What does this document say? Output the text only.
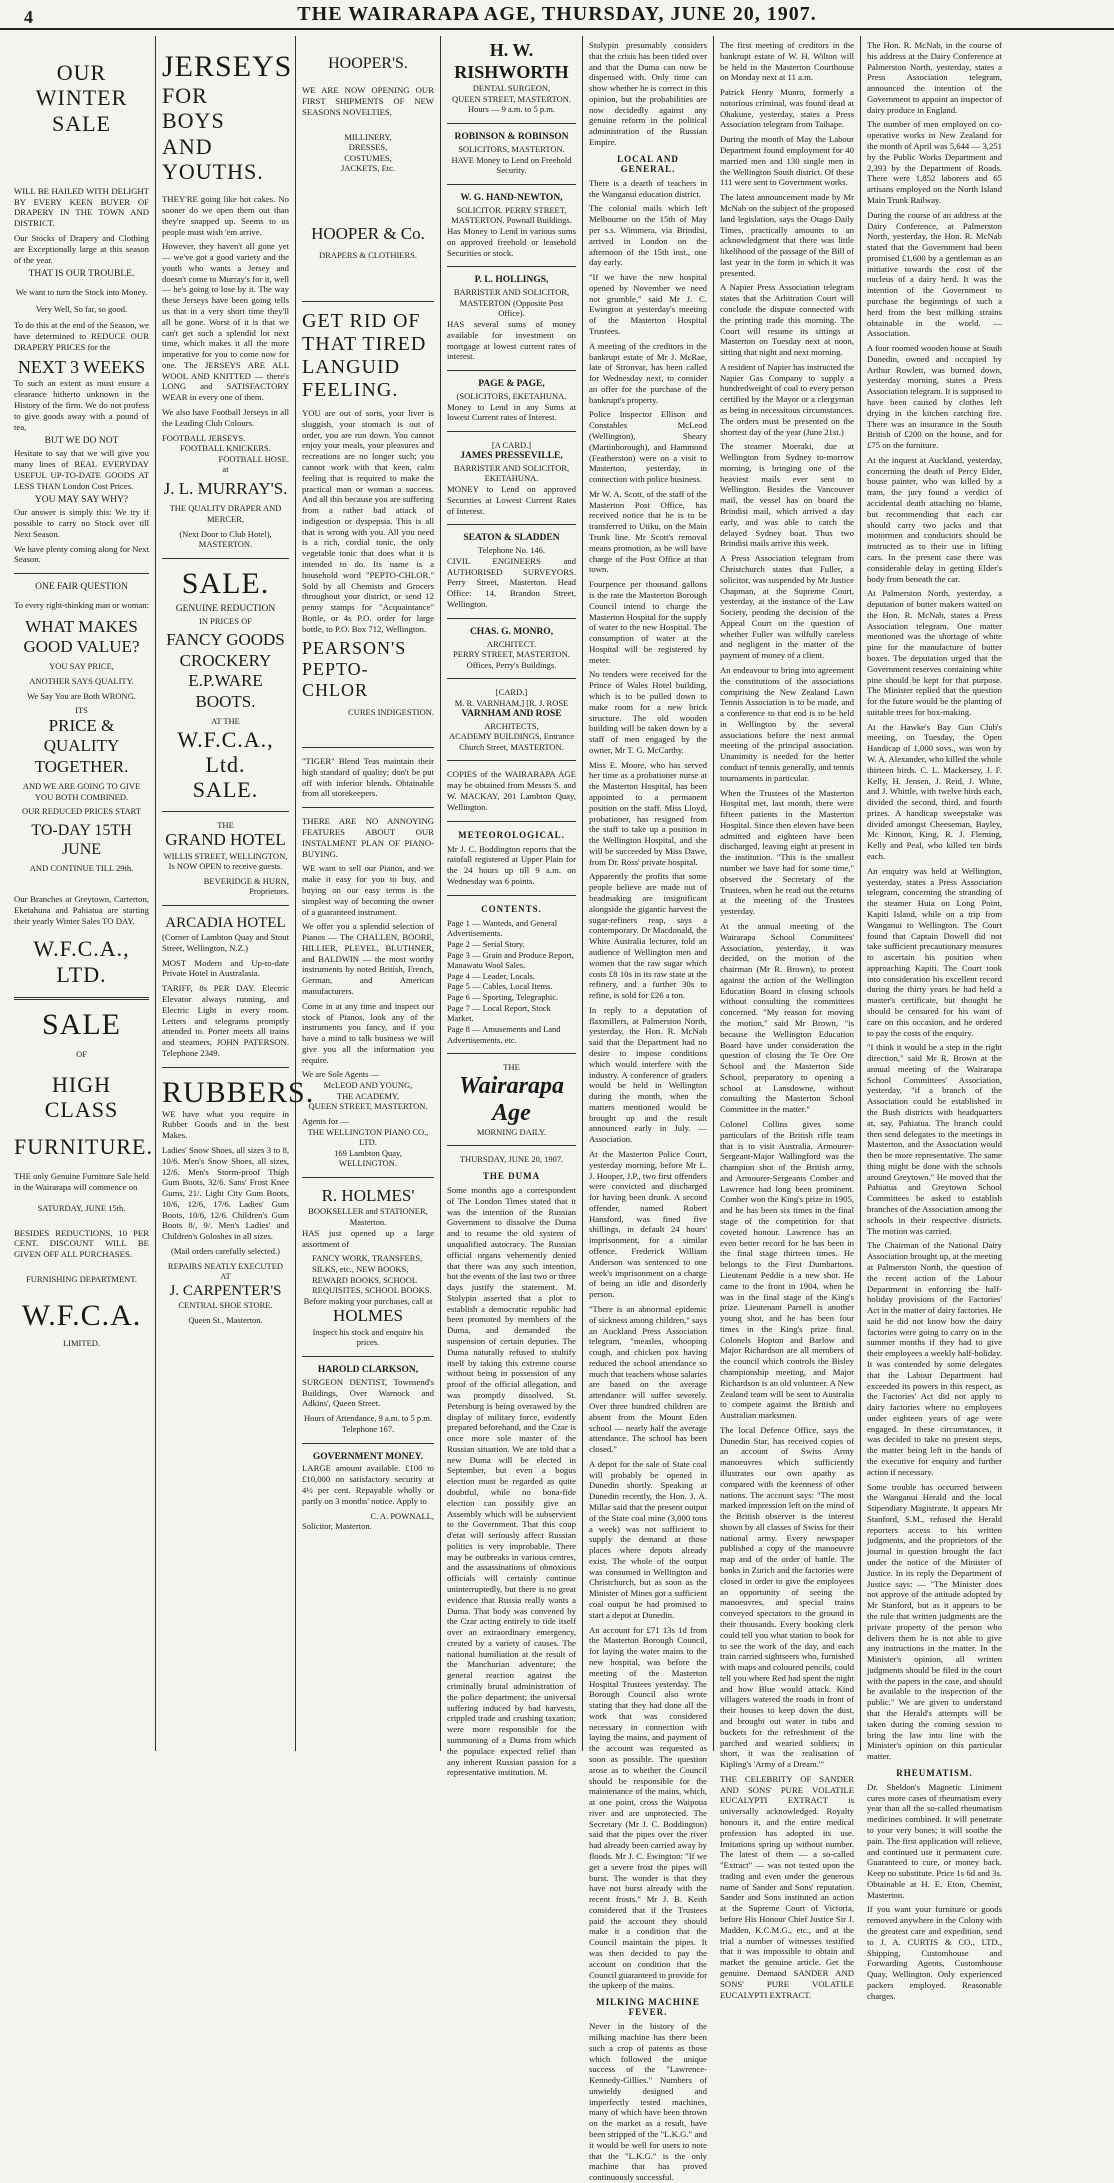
4	THE WAIRARAPA AGE, THURSDAY, JUNE 20, 1907.
OUR WINTER
SALE

WILL BE HAILED WITH DELIGHT BY EVERY KEEN BUYER OF DRAPERY IN THE TOWN AND DISTRICT.

Our Stocks of Drapery and Clothing are Exceptionally large at this season of the year.

THAT IS OUR TROUBLE.
We want to turn the Stock into Money.
Very Well, So far, so good.

To do this at the end of the Season, we have determined to REDUCE OUR DRAPERY PRICES for the

NEXT 3 WEEKS

To such an extent as must ensure a clearance hitherto unknown in the History of the firm. We do not profess to give goods away with a pound of tea,

BUT WE DO NOT

Hesitate to say that we will give you many lines of REAL EVERYDAY USEFUL UP-TO-DATE GOODS AT LESS THAN London Cost Prices.

YOU MAY SAY WHY?

Our answer is simply this: We try if possible to carry no Stock over till Next Season.

We have plenty coming along for Next Season.

ONE FAIR QUESTION
To every right-thinking man or woman:
WHAT MAKES GOOD VALUE?
YOU SAY PRICE,
ANOTHER SAYS QUALITY.
We Say You are Both WRONG.
ITS
PRICE & QUALITY TOGETHER.
AND WE ARE GOING TO GIVE YOU BOTH COMBINED.
OUR REDUCED PRICES START
TO-DAY 15TH JUNE
AND CONTINUE TILL 29th.

Our Branches at Greytown, Carterton, Eketahuna and Pahiatua are starting their yearly Winter Sales TO DAY.

W.F.C.A., LTD.
SALE
OF
HIGH CLASS
FURNITURE.

THE only Genuine Furniture Sale held in the Wairarapa will commence on

SATURDAY, JUNE 15th.

BESIDES REDUCTIONS, 10 PER CENT. DISCOUNT WILL BE GIVEN OFF ALL PURCHASES.

FURNISHING DEPARTMENT.
W.F.C.A.
LIMITED.
JERSEYS
FOR
BOYS
AND
YOUTHS.

THEY'RE going like hot cakes. No sooner do we open them out than they're snapped up. Seems to us people must wish 'em arrive.

However, they haven't all gone yet — we've got a good variety and the youth who wants a Jersey and doesn't come to Murray's for it, well — he's going to lose by it. The way these Jerseys have been going tells us that in a very short time they'll all be gone. Worst of it is that we can't get such a splendid lot next time, which makes it all the more imperative for you to come now for one. The JERSEYS ARE ALL WOOL AND KNITTED — there's LONG and SATISFACTORY WEAR in every one of them.

We also have Football Jerseys in all the Leading Club Colours.

FOOTBALL JERSEYS.
FOOTBALL KNICKERS.
FOOTBALL HOSE.
at
J. L. MURRAY'S.
THE QUALITY DRAPER AND MERCER,
(Next Door to Club Hotel), MASTERTON.
SALE.
GENUINE REDUCTION
IN PRICES OF
FANCY GOODS CROCKERY E.P.WARE BOOTS.
AT THE
W.F.C.A., Ltd.
SALE.
THE
GRAND HOTEL
WILLIS STREET, WELLINGTON,
Is NOW OPEN to receive guests.
BEVERIDGE & HURN, Proprietors.
ARCADIA HOTEL

(Corner of Lambton Quay and Stout Street, Wellington, N.Z.)

MOST Modern and Up-to-date Private Hotel in Australasia.

TARIFF, 8s PER DAY. Electric Elevator always running, and Electric Light in every room. Letters and telegrams promptly attended to. Porter meets all trains and steamers, JOHN PATERSON. Telephone 2349.

RUBBERS.

WE have what you require in Rubber Goods and in the best Makes.

Ladies' Snow Shoes, all sizes 3 to 8, 10/6. Men's Snow Shoes, all sizes, 12/6. Men's Storm-proof Thigh Gum Boots, 32/6. Sans' Frost Knee Gums, 21/. Light City Gum Boots, 10/6, 12/6, 17/6. Ladies' Gum Boots, 10/6, 12/6. Children's Gum Boots 8/, 9/. Men's Ladies' and Children's Goloshes in all sizes.

(Mail orders carefully selected.)
REPAIRS NEATLY EXECUTED AT
J. CARPENTER'S
CENTRAL SHOE STORE.
Queen St., Masterton.
HOOPER'S.

WE ARE NOW OPENING OUR FIRST SHIPMENTS OF NEW SEASONS NOVELTIES,

MILLINERY,
DRESSES,
COSTUMES,
JACKETS, Etc.
HOOPER & Co.
DRAPERS & CLOTHIERS.
GET RID OF THAT TIRED LANGUID FEELING.

YOU are out of sorts, your liver is sluggish, your stomach is out of order, you are run down. You cannot enjoy your meals, your pleasures and recreations are no longer such; you cannot work with that keen, calm feeling that is required to make the practical man or woman a success. And all this because you are suffering from a rather bad attack of indigestion or dyspepsia. This is all that is wrong with you. All you need is a rich, cordial tonic, the only vegetable tonic that does what it is intended to do. Its name is a household word "PEPTO-CHLOR." Sold by all Chemists and Grocers throughout your district, or send 12 penny stamps for "Acquaintance" Bottle, or 4s P.O. order for large bottle, to P.O. Box 712, Wellington.

PEARSON'S PEPTO-CHLOR
CURES INDIGESTION.

"TIGER" Blend Teas maintain their high standard of quality; don't be put off with inferior blends. Obtainable from all storekeepers.

THERE ARE NO ANNOYING FEATURES ABOUT OUR INSTALMENT PLAN OF PIANO-BUYING.

WE want to sell our Pianos, and we make it easy for you to buy, and buying on our easy terms is the simplest way of becoming the owner of a guaranteed instrument.

We offer you a splendid selection of Pianos — The CHALLEN, BOORE, HILLIER, PLEYEL, BLUTHNER, and BALDWIN — the most worthy instruments by noted British, French, German, and American manufacturers.

Come in at any time and inspect our stock of Pianos, look any of the instruments you fancy, and if you have a mind to talk business we will give you all the information you require.

We are Sole Agents —
McLEOD AND YOUNG,
THE ACADEMY,
QUEEN STREET, MASTERTON.
Agents for —
THE WELLINGTON PIANO CO., LTD.
169 Lambton Quay,
WELLINGTON.
R. HOLMES'
BOOKSELLER and STATIONER, Masterton.

HAS just opened up a large assortment of

FANCY WORK, TRANSFERS, SILKS, etc., NEW BOOKS, REWARD BOOKS, SCHOOL REQUISITES, SCHOOL BOOKS.
Before making your purchases, call at
HOLMES
Inspect his stock and enquire his prices.
HAROLD CLARKSON,

SURGEON DENTIST, Townsend's Buildings, Over Warnock and Adkins', Queen Street.

Hours of Attendance, 9 a.m. to 5 p.m. Telephone 167.
GOVERNMENT MONEY.

LARGE amount available. £100 to £10,000 on satisfactory security at 4½ per cent. Repayable wholly or partly on 3 months' notice. Apply to

C. A. POWNALL,
Solicitor, Masterton.
H. W. RISHWORTH
DENTAL SURGEON,
QUEEN STREET, MASTERTON.
Hours — 9 a.m. to 5 p.m.
ROBINSON & ROBINSON
SOLICITORS, MASTERTON.
HAVE Money to Lend on Freehold Security.
W. G. HAND-NEWTON,
SOLICITOR. PERRY STREET, MASTERTON. Pownall Buildings.

Has Money to Lend in various sums on approved freehold or leasehold Securities or stock.

P. L. HOLLINGS,
BARRISTER AND SOLICITOR, MASTERTON (Opposite Post Office).

HAS several sums of money available for investment on mortgage at lowest current rates of interest.

PAGE & PAGE,
(SOLICITORS, EKETAHUNA.

Money to Lend in any Sums at lowest Current rates of Interest.

[A CARD.]
JAMES PRESSEVILLE,
BARRISTER AND SOLICITOR, EKETAHUNA.

MONEY to Lend on approved Securities at Lowest Current Rates of Interest.

SEATON & SLADDEN
Telephone No. 146.

CIVIL ENGINEERS and AUTHORISED SURVEYORS. Perry Street, Masterton. Head Office: 14, Brandon Street, Wellington.

CHAS. G. MONRO,
ARCHITECT.
PERRY STREET, MASTERTON. Offices, Perry's Buildings.
[CARD.]
M. R. VARNHAM,] [R. J. ROSE
VARNHAM AND ROSE
ARCHITECTS,
ACADEMY BUILDINGS, Entrance Church Street, MASTERTON.

COPIES of the WAIRARAPA AGE may be obtained from Messrs S. and W. MACKAY, 201 Lambton Quay, Wellington.

METEOROLOGICAL.

Mr J. C. Boddington reports that the rainfall registered at Upper Plain for the 24 hours up till 9 a.m. on Wednesday was 6 points.

CONTENTS.
Page 1 — Wanteds, and General Advertisements.
Page 2 — Serial Story.
Page 3 — Grain and Produce Report, Manawatu Wool Sales.
Page 4 — Leader, Locals.
Page 5 — Cables, Local Items.
Page 6 — Sporting, Telegraphic.
Page 7 — Local Report, Stock Market.
Page 8 — Amusements and Land Advertisements, etc.
THE
Wairarapa Age
MORNING DAILY.
THURSDAY, JUNE 20, 1907.
THE DUMA

Some months ago a correspondent of The London Times stated that it was the intention of the Russian Government to dissolve the Duma and to resume the old system of unqualified autocracy. The Russian official organs vehemently denied that there was any such intention, but the events of the last two or three days justify the statement. M. Stolypin asserted that a plot to establish a democratic republic had been promoted by members of the Duma, and demanded the suspension of certain deputies. The Duma naturally refused to stultify itself by taking this extreme course without being in possession of any proof of the official allegation, and was promptly dissolved. St. Petersburg is being overawed by the display of military force, evidently prepared beforehand, and the Czar is once more sole master of the Russian situation. We are told that a new Duma will be elected in September, but even a bogus election must be regarded as quite doubtful, while no bona-fide election can possibly give an Assembly which will be subservient to the Government. That this coup d'etat will seriously affect Russian politics is very improbable. There may be outbreaks in various centres, and the assassinations of obnoxious officials will certainly continue uninterruptedly, but there is no great evidence that Russia really wants a Duma. That body was convened by the Czar acting entirely to tide itself over an extraordinary emergency, created by a variety of causes. The national humiliation at the result of the Manchurian adventure; the general reaction against the criminally brutal administration of the police department; the universal suffering induced by bad harvests, crippled trade and crushing taxation; were more responsible for the summoning of a Duma from which the populace expected relief than any inherent Russian passion for a representative institution. M.

Stolypin presumably considers that the crisis has been tided over and that the Duma can now be dispensed with. Only time can show whether he is correct in this opinion, but the probabilities are now decidedly against any genuine reform in the political administration of the Russian Empire.

LOCAL AND GENERAL.

There is a dearth of teachers in the Wanganui education district.

The colonial mails which left Melbourne on the 15th of May per s.s. Wimmera, via Brindisi, arrived in London on the afternoon of the 15th inst., one day early.

"If we have the new hospital opened by November we need not grumble," said Mr J. C. Ewington at yesterday's meeting of the Masterton Hospital Trustees.

A meeting of the creditors in the bankrupt estate of Mr J. McRae, late of Stronvar, has been called for Wednesday next, to consider an offer for the purchase of the bankrupt's property.

Police Inspector Ellison and Constables McLeod (Wellington), Sheary (Martinborough), and Hammond (Featherston) were on a visit to Masterton, yesterday, in connection with police business.

Mr W. A. Scott, of the staff of the Masterton Post Office, has received notice that he is to be transferred to Utiku, on the Main Trunk line. Mr Scott's removal means promotion, as he will have charge of the Post Office at that town.

Fourpence per thousand gallons is the rate the Masterton Borough Council intend to charge the Masterton Hospital for the supply of water to the new Hospital. The consumption of water at the Hospital will be registered by meter.

No tenders were received for the Prince of Wales Hotel building, which is to be pulled down to make room for a new brick structure. The old wooden building will be taken down by a staff of men engaged by the owner, Mr T. G. McCarthy.

Miss E. Moore, who has served her time as a probationer nurse at the Masterton Hospital, has been appointed to a permanent position on the staff. Miss Lloyd, probationer, has resigned from the staff to take up a position in the Wellington Hospital, and she will be succeeded by Miss Dawe, from Dr. Ross' private hospital.

Apparently the profits that some people believe are made out of beadmaking are insignificant alongside the gigantic harvest the sugar-refiners reap, says a contemporary. Dr Macdonald, the White Australia lecturer, told an audience of Wellington men and women that the raw sugar which costs £8 10s in its raw state at the refinery, and a further 30s to refine, is sold for £26 a ton.

In reply to a deputation of flaxmillers, at Palmerston North, yesterday, the Hon. R. McNab said that the Department had no desire to impose conditions which would interfere with the industry. A conference of graders would be held in Wellington during the month, when the matters mentioned would be brought up and the result announced early in July. — Association.

At the Masterton Police Court, yesterday morning, before Mr L. J. Hooper, J.P., two first offenders were convicted and discharged for having been drunk. A second offender, named Robert Hansford, was fined five shillings, in default 24 hours' imprisonment, for a similar offence. Frederick William Anderson was sentenced to one week's imprisonment on a charge of being an idle and disorderly person.

"There is an abnormal epidemic of sickness among children," says an Auckland Press Association telegram, "measles, whooping cough, and chicken pox having reduced the school attendance so much that teachers whose salaries are based on the average attendance will suffer severely. Over three hundred children are absent from the Mount Eden school — nearly half the average attendance. The school has been closed."

A depot for the sale of State coal will probably be opened in Dunedin shortly. Speaking at Dunedin recently, the Hon. J. A. Millar said that the present output of the State coal mine (3,000 tons a week) was not sufficient to supply the demand at those places where depots already exist. The whole of the output was consumed in Wellington and Christchurch, but as soon as the Minister of Mines got a sufficient coal output he had promised to start a depot at Dunedin.

An account for £71 13s 1d from the Masterton Borough Council, for laying the water mains to the new hospital, was before the meeting of the Masterton Hospital Trustees yesterday. The Borough Council also wrote stating that they had done all the work that was considered necessary in connection with laying the mains, and payment of the account was requested as soon as possible. The question arose as to whether the Council should be responsible for the maintenance of the mains, which, at one point, cross the Waipoua river and are unprotected. The Secretary (Mr J. C. Boddington) said that the pipes over the river had already been carried away by floods. Mr J. C. Ewington: "If we get a severe frost the pipes will burst. The wonder is that they have not burst already with the recent frosts." Mr J. B. Keith considered that if the Trustees paid the account they should make it a condition that the Council maintain the pipes. It was then decided to pay the account on condition that the Council guaranteed to provide for the upkeep of the mains.

MILKING MACHINE FEVER.

Never in the history of the milking machine has there been such a crop of patents as those which followed the unique success of the "Lawrence-Kennedy-Gillies." Numbers of unwieldy designed and imperfectly tested machines, many of which have been thrown on the market as a result, have been stripped of the "L.K.G." and it would be well for users to note that the "L.K.G." is the only machine that has proved continuously successful.

The first meeting of creditors in the bankrupt estate of W. H. Wilton will be held in the Masterton Courthouse on Monday next at 11 a.m.

Patrick Henry Munro, formerly a notorious criminal, was found dead at Ohakune, yesterday, states a Press Association telegram from Taihape.

During the month of May the Labour Department found employment for 40 married men and 130 single men in the Wellington South district. Of these 111 were sent to Government works.

The latest announcement made by Mr McNab on the subject of the proposed land legislation, says the Otago Daily Times, practically amounts to an acknowledgment that there was little likelihood of the passage of the Bill of last year in the form in which it was presented.

A Napier Press Association telegram states that the Arbitration Court will conclude the dispute connected with the printing trade this morning. The Court will resume its sittings at Masterton on Tuesday next at noon, sitting that night and next morning.

A resident of Napier has instructed the Napier Gas Company to supply a hundredweight of coal to every person certified by the Mayor or a clergyman as being in necessitous circumstances. The orders must be presented on the shortest day of the year (June 21st.)

The steamer Moeraki, due at Wellington from Sydney to-morrow morning, is bringing one of the heaviest mails ever sent to Wellington. Besides the Vancouver mail, the vessel has on board the Brindisi mail, which arrived a day early, and was able to catch the delayed Sydney boat. Thus two Brindisi mails arrive this week.

A Press Association telegram from Christchurch states that Fuller, a solicitor, was suspended by Mr Justice Chapman, at the Supreme Court, yesterday, at the instance of the Law Society, pending the decision of the Appeal Court on the question of whether Fuller was wilfully careless and negligent in the matter of the payment of money of a client.

An endeavour to bring into agreement the constitutions of the associations comprising the New Zealand Lawn Tennis Association is to be made, and a conference to that end is to be held in Wellington by the several associations before the next annual meeting of the principal association. Unanimity is needed for the better conduct of tennis generally, and tennis tournaments in particular.

When the Trustees of the Masterton Hospital met, last month, there were fifteen patients in the Masterton Hospital. Since then eleven have been admitted and eighteen have been discharged, leaving eight at present in the institution. "This is the smallest number we have had for some time," observed the Secretary of the Trustees, when he read out the returns at the meeting of the Trustees yesterday.

At the annual meeting of the Wairarapa School Committees' Association, yesterday, it was decided, on the motion of the chairman (Mr R. Brown), to protest against the action of the Wellington Education Board in closing schools without consulting the committees concerned. "My reason for moving the motion," said Mr Brown, "is because the Wellington Education Board have under consideration the question of closing the Te Ore Ore School and the Masterton Side School, preparatory to opening a school at Lansdowne, without consulting the Masterton School Committee in the matter."

Colonel Collins gives some particulars of the British rifle team that is to visit Australia. Armourer-Sergeant-Major Wallingford was the champion shot of the British army, and Armourer-Sergeants Comber and Lawrence had long been prominent. Comber won the King's prize in 1905, and he has been six times in the final stage of the competition for that coveted honour. Lawrence has an even better record for he has been in the final stage thirteen times. He belongs to the First Dumbartons. Lieutenant Peddie is a new shot. He came to the front in 1904, when he was in the final stage of the King's prize. Lieutenant Parnell is another young shot, and he has been four times in the King's prize final. Colonels Hopton and Barlow and Major Richardson are all members of the council which controls the Bisley championship meeting, and Major Richardson is an old volunteer. A New Zealand team will be sent to Australia to compete against the British and Australian marksmen.

The local Defence Office, says the Dunedin Star, has received copies of an account of Swiss Army manoeuvres which sufficiently illustrates our own apathy as compared with the keenness of other nations. The account says: "The most marked impression left on the mind of the British observer is the interest shown by all classes of Swiss for their national army. Every newspaper published a copy of the manoeuvre map and of the order of battle. The banks in Zurich and the factories were closed in order to give the employees an opportunity of seeing the manoeuvres, and special trains conveyed spectators to the ground in their thousands. Every booking clerk could tell you what station to book for to see the work of the day, and each train carried sightseers who, furnished with maps and coloured pencils, could tell you where Red had spent the night and how Blue would attack. Kind villagers watered the roads in front of their houses to keep down the dust, and brought out water in tubs and buckets for the refreshment of the parched and wearied soldiers; in short, it was the realisation of Kipling's 'Army of a Dream.'"

THE CELEBRITY OF SANDER AND SONS' PURE VOLATILE EUCALYPTI EXTRACT is universally acknowledged. Royalty honours it, and the entire medical profession has adopted its use. Imitations spring up without number. The latest of them — a so-called "Extract" — was not tested upon the trading and even under the generous name of Sander and Sons' reputation. Sander and Sons instituted an action at the Supreme Court of Victoria, before His Honour Chief Justice Sir J. Madden, K.C.M.G., etc., and at the trial a number of witnesses testified that it was impossible to obtain and market the genuine article. Get the genuine. Demand SANDER AND SONS' PURE VOLATILE EUCALYPTI EXTRACT.

The Hon. R. McNab, in the course of his address at the Dairy Conference at Palmerston North, yesterday, states a Press Association telegram, announced the intention of the Government to appoint an inspector of dairy produce in England.

The number of men employed on co-operative works in New Zealand for the month of April was 5,644 — 3,251 by the Public Works Department and 2,393 by the Department of Roads. There were 1,852 laborers and 65 artisans employed on the North Island Main Trunk Railway.

During the course of an address at the Dairy Conference, at Palmerston North, yesterday, the Hon. R. McNab stated that the Government had been promised £1,600 by a gentleman as an initiative towards the cost of the nucleus of a dairy herd. It was the intention of the Government to purchase the beginnings of such a herd from the best milking strains obtainable in the world. — Association.

A four roomed wooden house at South Dunedin, owned and occupied by Arthur Rowlett, was burned down, yesterday morning, states a Press Association telegram. It is supposed to have been caused by clothes left drying in the kitchen catching fire. There was an insurance in the South British of £200 on the house, and for £75 on the furniture.

At the inquest at Auckland, yesterday, concerning the death of Percy Elder, house painter, who was killed by a tram, the jury found a verdict of accidental death attaching no blame, but recommending that each car should carry two jacks and that motormen and conductors should be instructed as to their use in lifting cars. In the present case there was considerable delay in getting Elder's body from beneath the car.

At Palmerston North, yesterday, a deputation of butter makers waited on the Hon. R. McNab, states a Press Association telegram. One matter mentioned was the shortage of white pine for the manufacture of butter boxes. The deputation urged that the Government reserves containing white pine should be kept for that purpose. The Minister replied that the question for the future would be the planting of suitable trees for box-making.

At the Hawke's Bay Gun Club's meeting, on Tuesday, the Open Handicap of 1,000 sovs., was won by W. A. Alexander, who killed the whole thirteen birds. C. L. Mackersey, J. F. Kelly, H. Jensen, J. Reid, J. White, and J. Whittle, with twelve birds each, divided the second, third, and fourth prizes. A handicap sweepstake was divided amongst Cheeseman, Bayley, Mc Kinnon, King, R. J. Fleming, Kelly and Peal, who killed ten birds each.

An enquiry was held at Wellington, yesterday, states a Press Association telegram, concerning the stranding of the steamer Huia on Long Point, Kapiti Island, while on a trip from Wanganui to Wellington. The Court found that Captain Dowell did not take sufficient precautionary measures to ascertain his position when approaching Kapiti. The Court took into consideration his excellent record during the thirty years he had held a master's certificate, but thought he should be censured for his want of care on this occasion, and he ordered to pay the costs of the enquiry.

"I think it would be a step in the right direction," said Mr R. Brown at the annual meeting of the Wairarapa School Committees' Association, yesterday, "if a branch of the Association could be established in the Bush districts with headquarters at, say, Pahiatua. The branch could then send delegates to the meetings in Masterton, and the Association would then be more representative. The same thing might be done with the schools around Greytown." He moved that the Pahiatua and Greytown School Committees be asked to establish branches of the Association among the schools in their respective districts. The motion was carried.

The Chairman of the National Dairy Association brought up, at the meeting at Palmerston North, the question of the recent action of the Labour Department in enforcing the half-holiday provisions of the Factories' Act in the matter of dairy factories. He said he did not know how the dairy factories were going to carry on in the summer months if they had to give their employees a weekly half-holiday. It was contended by some delegates that the Labour Department had exceeded its powers in this respect, as the Factories' Act did not apply to dairy factories where no employees under eighteen years of age were engaged. In these circumstances, it was decided to take no present steps, the matter being left in the hands of the executive for enquiry and further action if necessary.

Some trouble has occurred between the Wanganui Herald and the local Stipendiary Magistrate. It appears Mr Stanford, S.M., refused the Herald reporters access to his written judgments, and the proprietors of the journal in question brought the fact under the notice of the Minister of Justice. In its reply the Department of Justice says: — "The Minister does not approve of the attitude adopted by Mr Stanford, but as it appears to be the rule that written judgments are the private property of the person who delivers them he is not able to give any instructions in the matter. In the Minister's opinion, all written judgments should be filed in the court with the papers in the case, and should be available to the inspection of the public." We are given to understand that the Herald's attempts will be taken during the coming session to bring the law into line with the Minister's opinion on this particular matter.

RHEUMATISM.

Dr. Sheldon's Magnetic Liniment cures more cases of rheumatism every year than all the so-called rheumatism medicines combined. It will penetrate to your very bones; it will soothe the pain. The first application will relieve, and continued use it permanent cure. Guaranteed to cure, or money back. Keep no substitute. Price 1s 6d and 3s. Obtainable at H. E. Eton, Chemist, Masterton.

If you want your furniture or goods removed anywhere in the Colony with the greatest care and expedition, send to J. A. CURTIS & CO., LTD., Shipping, Customhouse and Forwarding Agents, Customhouse Quay, Wellington. Only experienced packers employed. Reasonable charges.
